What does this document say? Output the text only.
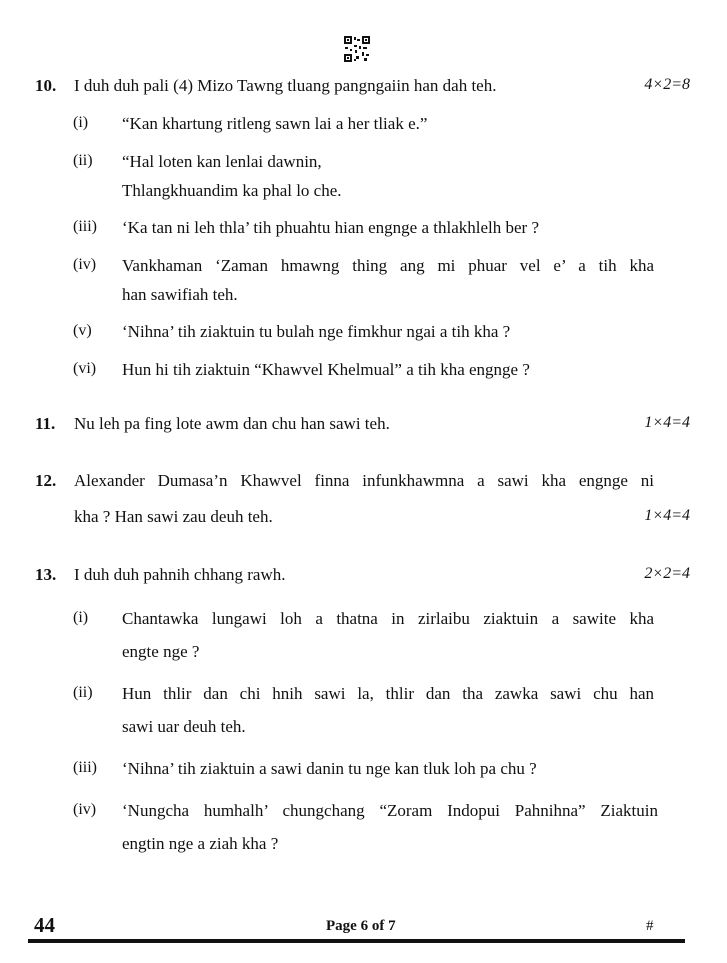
10. I duh duh pali (4) Mizo Tawng tluang pangngaiin han dah teh.	4×2=8
(i) “Kan khartung ritleng sawn lai a her tliak e.”
(ii) “Hal loten kan lenlai dawnin,
Thlangkhuandim ka phal lo che.
(iii) ‘Ka tan ni leh thla’ tih phuahtu hian engnge a thlakhlelh ber ?
(iv) Vankhaman ‘Zaman hmawng thing ang mi phuar vel e’ a tih kha
han sawifiah teh.
(v) ‘Nihna’ tih ziaktuin tu bulah nge fimkhur ngai a tih kha ?
(vi) Hun hi tih ziaktuin “Khawvel Khelmual” a tih kha engnge ?
11. Nu leh pa fing lote awm dan chu han sawi teh.	1×4=4
12. Alexander Dumasa’n Khawvel finna infunkhawmna a sawi kha engnge ni
kha ? Han sawi zau deuh teh.	1×4=4
13. I duh duh pahnih chhang rawh.	2×2=4
(i) Chantawka lungawi loh a thatna in zirlaibu ziaktuin a sawite kha
engte nge ?
(ii) Hun thlir dan chi hnih sawi la, thlir dan tha zawka sawi chu han
sawi uar deuh teh.
(iii) ‘Nihna’ tih ziaktuin a sawi danin tu nge kan tluk loh pa chu ?
(iv) ‘Nungcha humhalh’ chungchang “Zoram Indopui Pahnihna” Ziaktuin
engtin nge a ziah kha ?
44	Page 6 of 7	#
